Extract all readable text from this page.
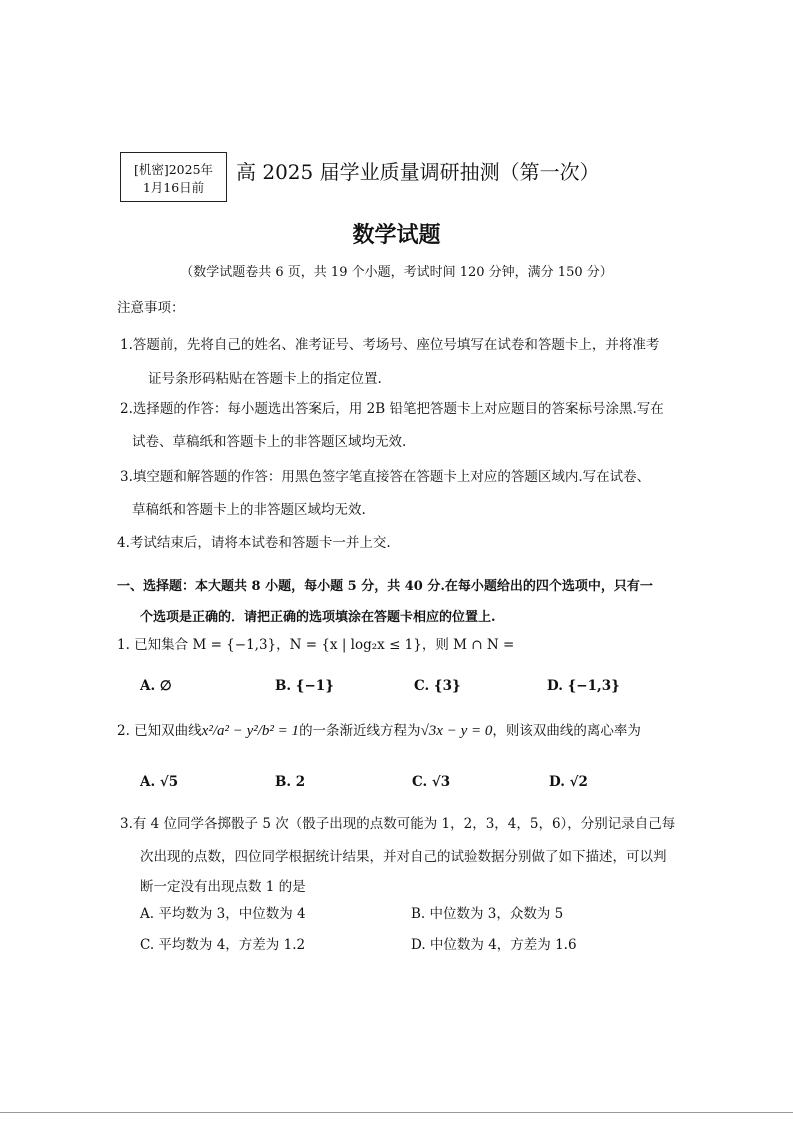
[机密]2025年
1月16日前
高 2025 届学业质量调研抽测（第一次）
数学试题
（数学试题卷共 6 页，共 19 个小题，考试时间 120 分钟，满分 150 分）
注意事项：
1.答题前，先将自己的姓名、准考证号、考场号、座位号填写在试卷和答题卡上，并将准考
证号条形码粘贴在答题卡上的指定位置.
2.选择题的作答：每小题选出答案后，用 2B 铅笔把答题卡上对应题目的答案标号涂黑.写在
试卷、草稿纸和答题卡上的非答题区域均无效.
3.填空题和解答题的作答：用黑色签字笔直接答在答题卡上对应的答题区域内.写在试卷、
草稿纸和答题卡上的非答题区域均无效.
4.考试结束后，请将本试卷和答题卡一并上交.
一、选择题：本大题共 8 小题，每小题 5 分，共 40 分.在每小题给出的四个选项中，只有一
个选项是正确的．请把正确的选项填涂在答题卡相应的位置上.
1. 已知集合 M = {−1,3}，N = {x | log₂x ≤ 1}，则 M ∩ N =
A. ∅	B. {−1}	C. {3}	D. {−1,3}
2. 已知双曲线x²/a² − y²/b² = 1的一条渐近线方程为√3x − y = 0，则该双曲线的离心率为
A. √5	B. 2	C. √3	D. √2
3.有 4 位同学各掷骰子 5 次（骰子出现的点数可能为 1，2，3，4，5，6），分别记录自己每
次出现的点数，四位同学根据统计结果，并对自己的试验数据分别做了如下描述，可以判
断一定没有出现点数 1 的是
A. 平均数为 3，中位数为 4	B. 中位数为 3，众数为 5
C. 平均数为 4，方差为 1.2	D. 中位数为 4，方差为 1.6
